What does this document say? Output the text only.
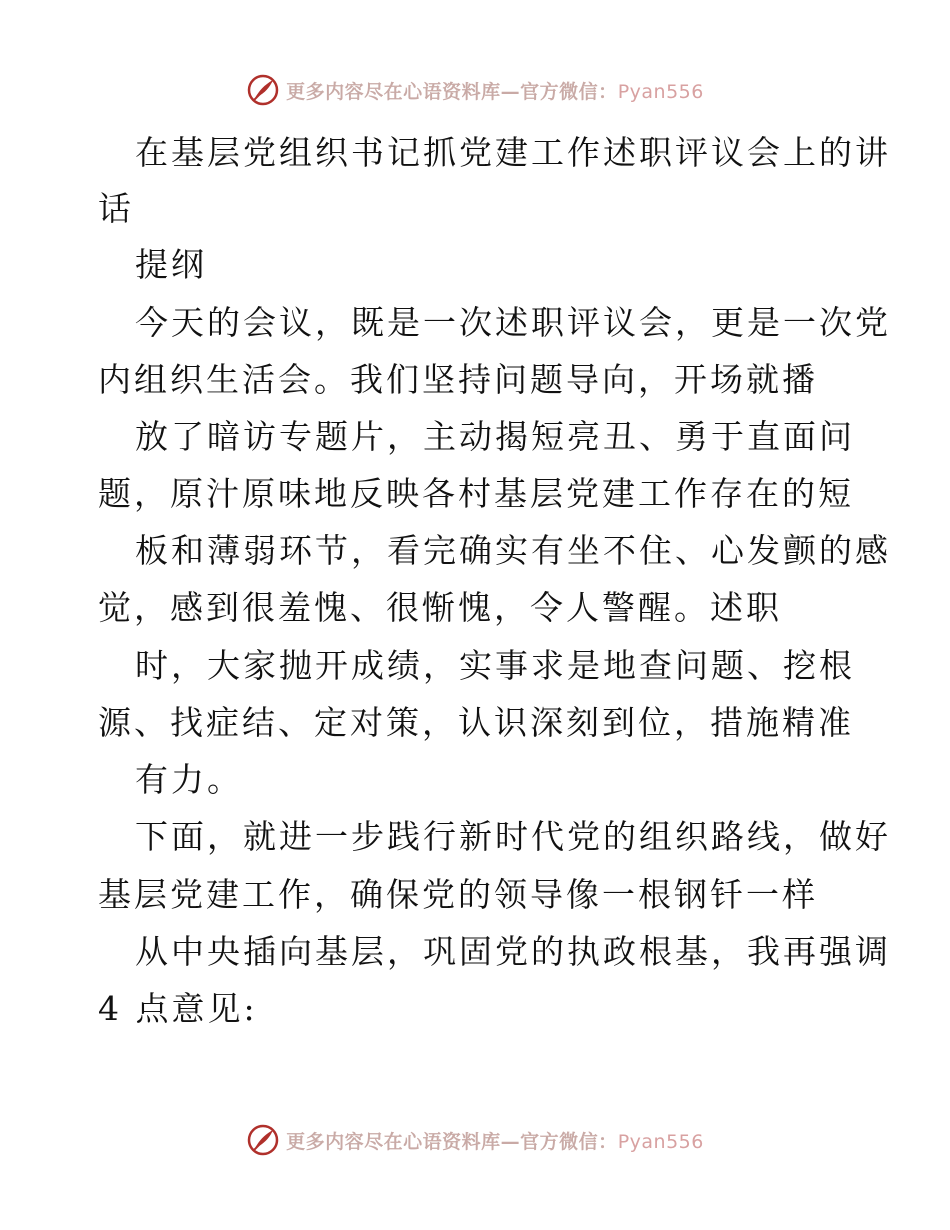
更多内容尽在心语资料库—官方微信：Pyan556
在基层党组织书记抓党建工作述职评议会上的讲
话
提纲
今天的会议，既是一次述职评议会，更是一次党
内组织生活会。我们坚持问题导向，开场就播
放了暗访专题片，主动揭短亮丑、勇于直面问
题，原汁原味地反映各村基层党建工作存在的短
板和薄弱环节，看完确实有坐不住、心发颤的感
觉，感到很羞愧、很惭愧，令人警醒。述职
时，大家抛开成绩，实事求是地查问题、挖根
源、找症结、定对策，认识深刻到位，措施精准
有力。
下面，就进一步践行新时代党的组织路线，做好
基层党建工作，确保党的领导像一根钢钎一样
从中央插向基层，巩固党的执政根基，我再强调
4 点意见:
更多内容尽在心语资料库—官方微信：Pyan556
